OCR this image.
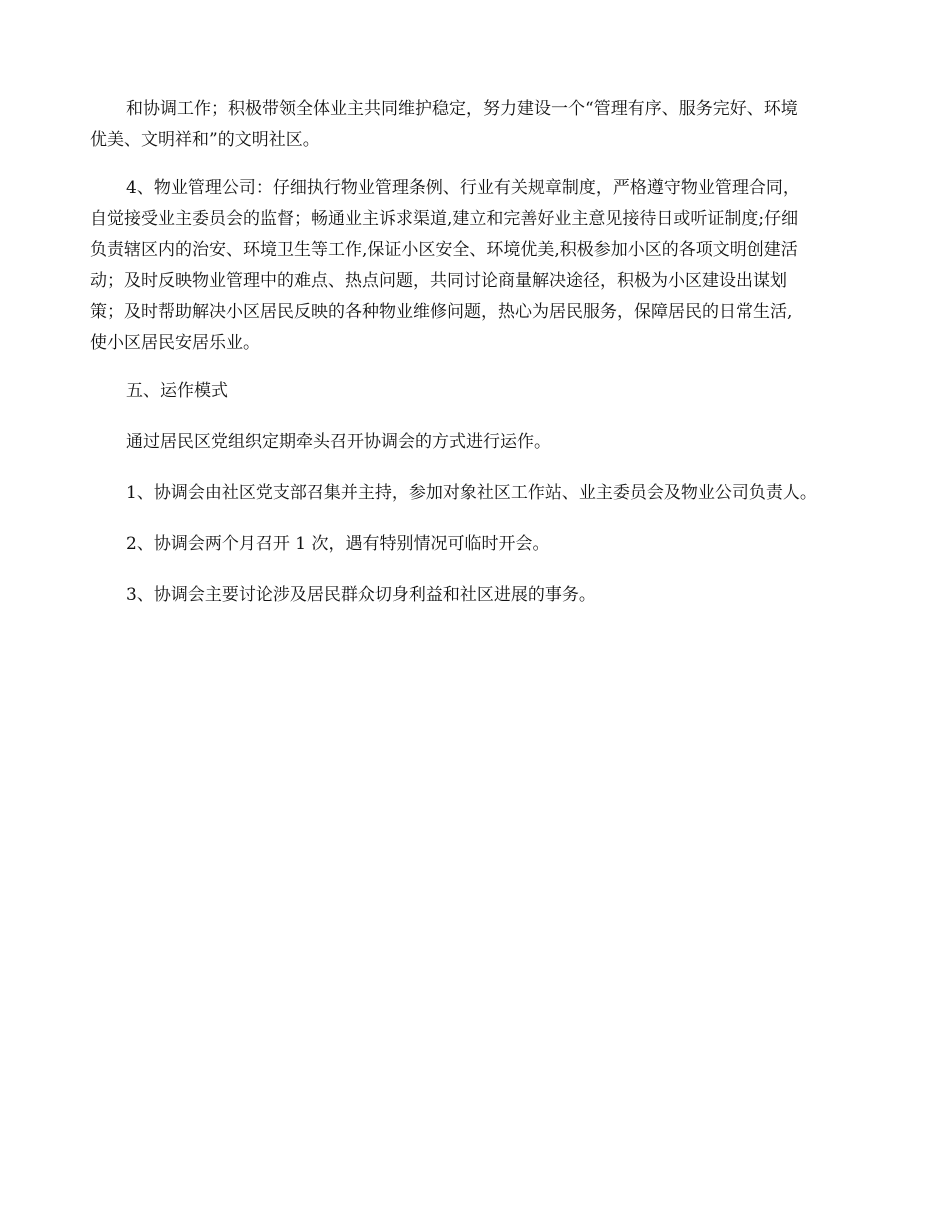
和协调工作；积极带领全体业主共同维护稳定，努力建设一个“管理有序、服务完好、环境
优美、文明祥和”的文明社区。

4、物业管理公司：仔细执行物业管理条例、行业有关规章制度，严格遵守物业管理合同，
自觉接受业主委员会的监督；畅通业主诉求渠道,建立和完善好业主意见接待日或听证制度;仔细
负责辖区内的治安、环境卫生等工作,保证小区安全、环境优美,积极参加小区的各项文明创建活
动；及时反映物业管理中的难点、热点问题，共同讨论商量解决途径，积极为小区建设出谋划
策；及时帮助解决小区居民反映的各种物业维修问题，热心为居民服务，保障居民的日常生活,
使小区居民安居乐业。

五、运作模式

通过居民区党组织定期牵头召开协调会的方式进行运作。

1、协调会由社区党支部召集并主持，参加对象社区工作站、业主委员会及物业公司负责人。

2、协调会两个月召开 1 次，遇有特别情况可临时开会。

3、协调会主要讨论涉及居民群众切身利益和社区进展的事务。
